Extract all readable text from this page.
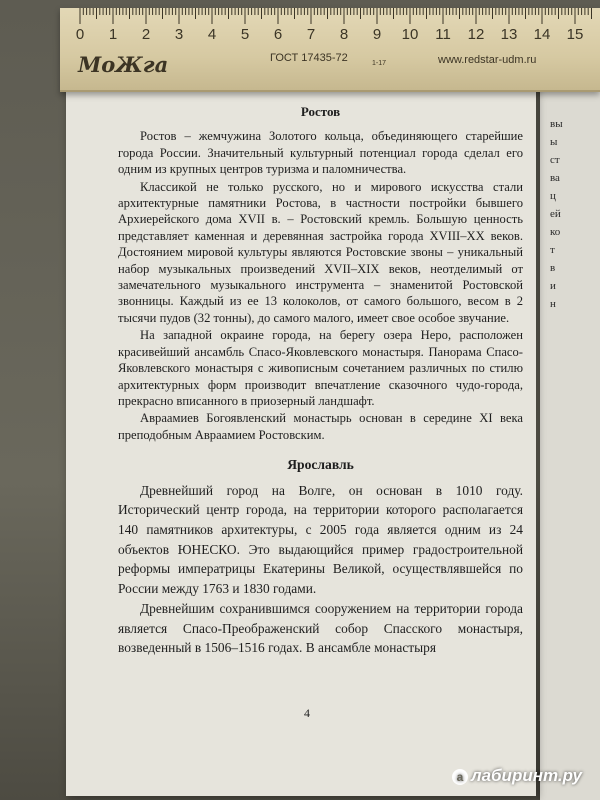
вы
ы
ст
ва
ц
ей
ко
т
в
и
н
0 1 2 3 4 5 6 7 8 9 10 11 12 13 14 15
МоЖга	ГОСТ 17435-72	1-17	www.redstar-udm.ru
Ростов

Ростов – жемчужина Золотого кольца, объединяющего старейшие города России. Значительный культурный потенциал города сделал его одним из крупных центров туризма и паломничества.

Классикой не только русского, но и мирового искусства стали архитектурные памятники Ростова, в частности постройки бывшего Архиерейского дома XVII в. – Ростовский кремль. Большую ценность представляет каменная и деревянная застройка города XVIII–XX веков. Достоянием мировой культуры являются Ростовские звоны – уникальный набор музыкальных произведений XVII–XIX веков, неотделимый от замечательного музыкального инструмента – знаменитой Ростовской звонницы. Каждый из ее 13 колоколов, от самого большого, весом в 2 тысячи пудов (32 тонны), до самого малого, имеет свое особое звучание.

На западной окраине города, на берегу озера Неро, расположен красивейший ансамбль Спасо-Яковлевского монастыря. Панорама Спасо-Яковлевского монастыря с живописным сочетанием различных по стилю архитектурных форм производит впечатление сказочного чудо-города, прекрасно вписанного в приозерный ландшафт.

Авраамиев Богоявленский монастырь основан в середине XI века преподобным Авраамием Ростовским.

Ярославль

Древнейший город на Волге, он основан в 1010 году. Исторический центр города, на территории которого располагается 140 памятников архитектуры, с 2005 года является одним из 24 объектов ЮНЕСКО. Это выдающийся пример градостроительной реформы императрицы Екатерины Великой, осуществлявшейся по России между 1763 и 1830 годами.

Древнейшим сохранившимся сооружением на территории города является Спасо-Преображенский собор Спасского монастыря, возведенный в 1506–1516 годах. В ансамбле монастыря

4
a лабиринт.ру
